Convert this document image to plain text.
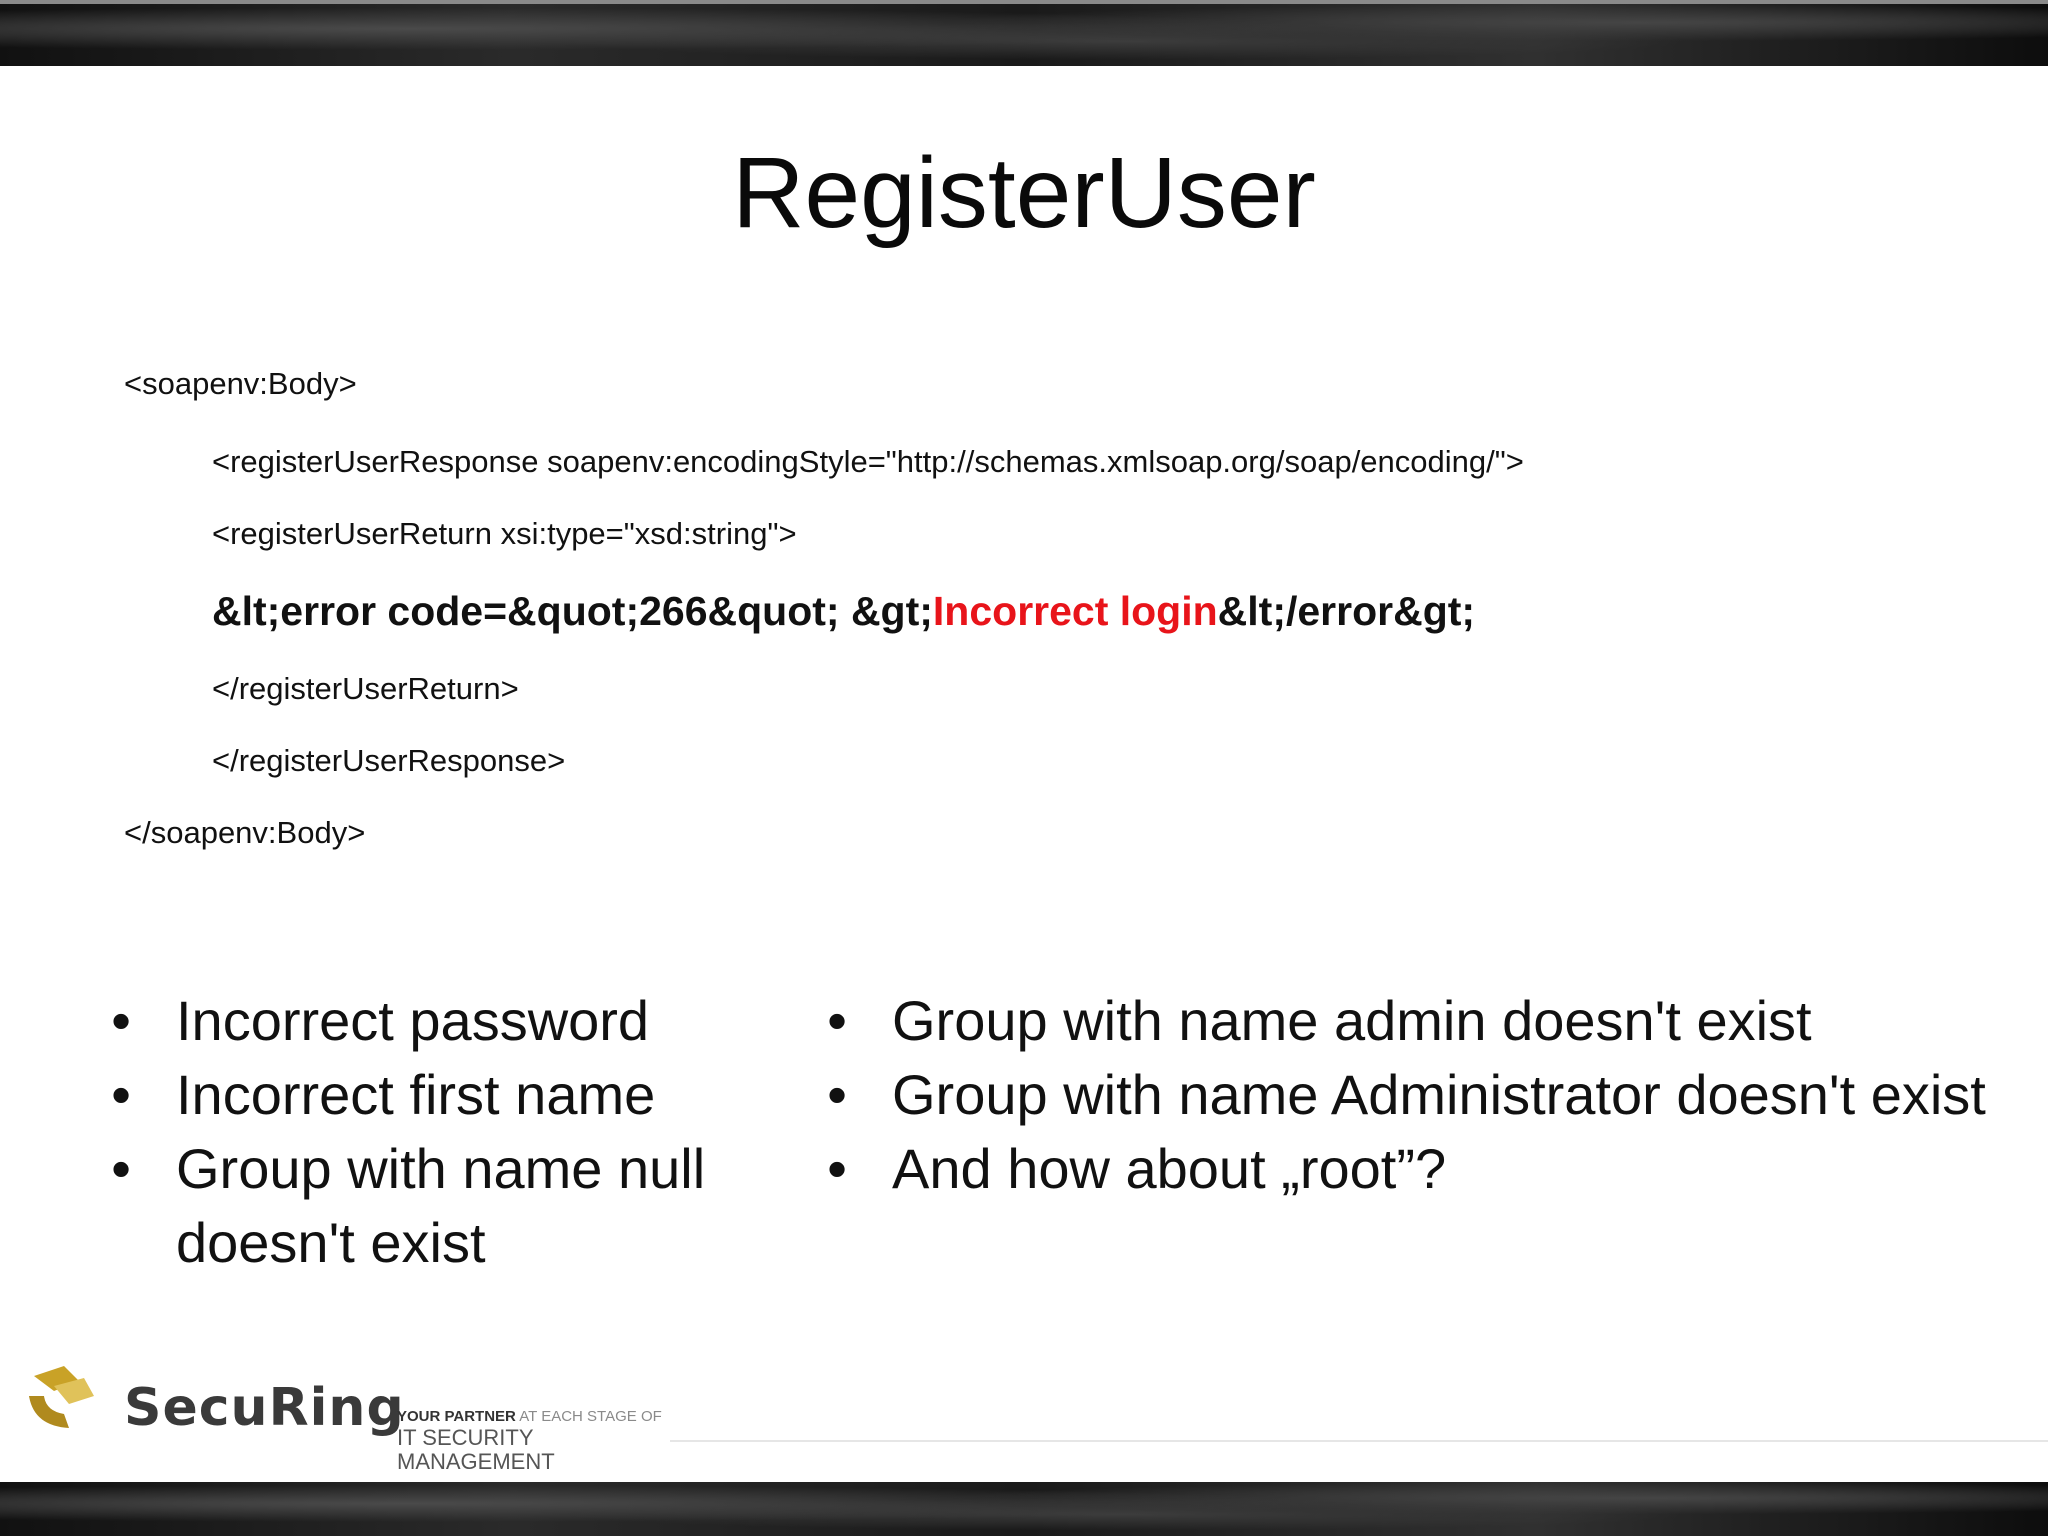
RegisterUser
<soapenv:Body>
<registerUserResponse soapenv:encodingStyle="http://schemas.xmlsoap.org/soap/encoding/">
<registerUserReturn xsi:type="xsd:string">
&lt;error code=&quot;266&quot; &gt;Incorrect login&lt;/error&gt;
</registerUserReturn>
</registerUserResponse>
</soapenv:Body>
• Incorrect password
• Incorrect first name
• Group with name null doesn't exist
• Group with name admin doesn't exist
• Group with name Administrator doesn't exist
• And how about „root”?
SecuRing
YOUR PARTNER AT EACH STAGE OF
IT SECURITY MANAGEMENT
